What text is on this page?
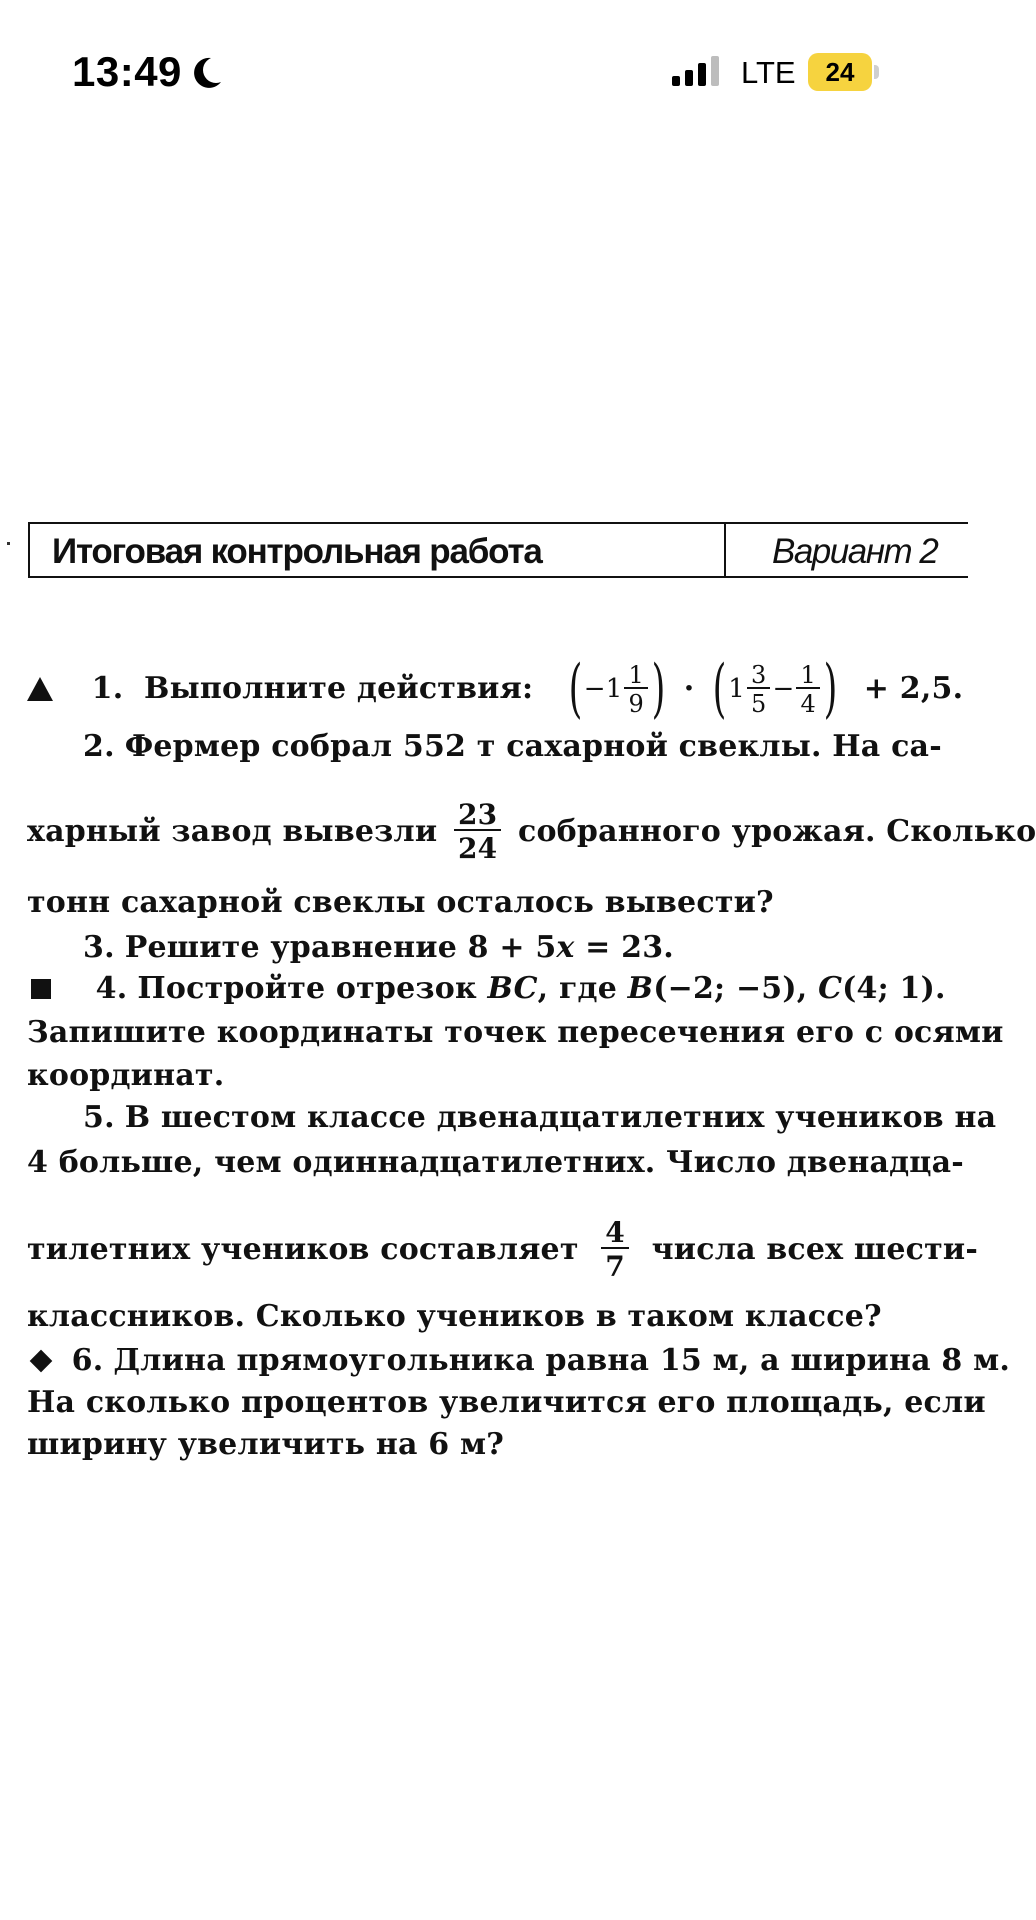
13:49	LTE	24
Итоговая контрольная работа	Вариант 2
1. Выполните действия: ( $-1 \frac{1}{9}$ ) · ( $1 \frac{3}{5} - \frac{1}{4}$ ) + 2,5.
2. Фермер собрал 552 т сахарной свеклы. На са-
харный завод вывезли $\frac{23}{24}$ собранного урожая. Сколько
тонн сахарной свеклы осталось вывести?
3. Решите уравнение 8 + 5x = 23.
4. Постройте отрезок BC, где B(−2; −5), C(4; 1).
Запишите координаты точек пересечения его с осями
координат.
5. В шестом классе двенадцатилетних учеников на
4 больше, чем одиннадцатилетних. Число двенадца-
тилетних учеников составляет $\frac{4}{7}$ числа всех шести-
классников. Сколько учеников в таком классе?
6. Длина прямоугольника равна 15 м, а ширина 8 м.
На сколько процентов увеличится его площадь, если
ширину увеличить на 6 м?
